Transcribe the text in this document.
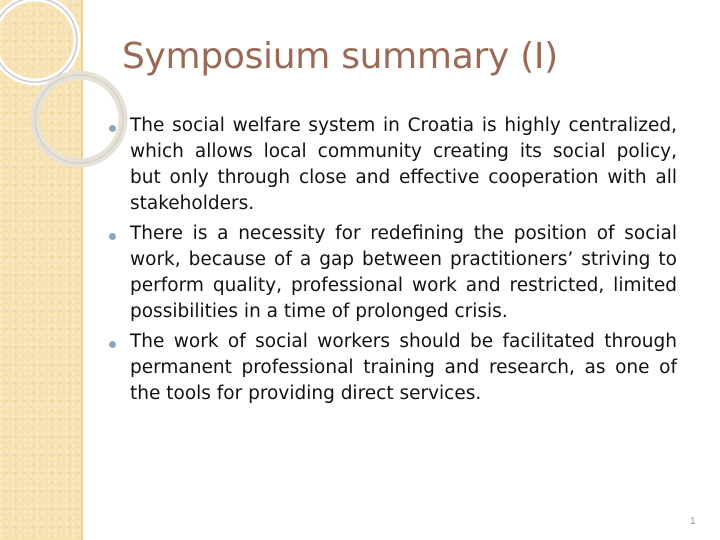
Symposium summary (I)
The social welfare system in Croatia is highly centralized, which allows local community creating its social policy, but only through close and effective cooperation with all stakeholders.
There is a necessity for redefining the position of social work, because of a gap between practitioners’ striving to perform quality, professional work and restricted, limited possibilities in a time of prolonged crisis.
The work of social workers should be facilitated through permanent professional training and research, as one of the tools for providing direct services.
1
